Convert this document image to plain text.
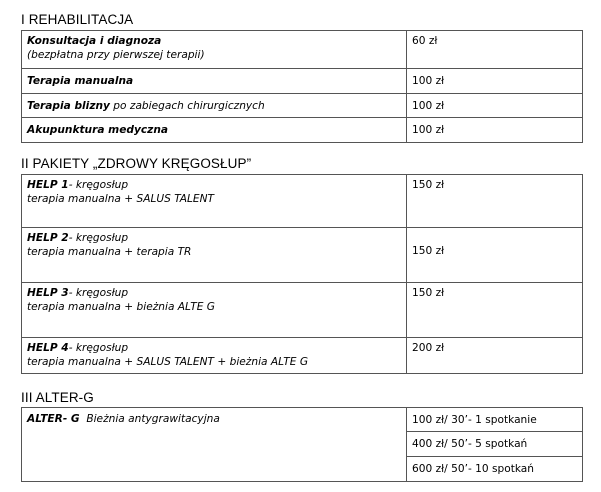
I REHABILITACJA
Konsultacja i diagnoza
(bezpłatna przy pierwszej terapii)	60 zł
Terapia manualna	100 zł
Terapia blizny po zabiegach chirurgicznych	100 zł
Akupunktura medyczna	100 zł
II PAKIETY „ZDROWY KRĘGOSŁUP”
HELP 1- kręgosłup
terapia manualna + SALUS TALENT	150 zł
HELP 2- kręgosłup
terapia manualna + terapia TR	150 zł
HELP 3- kręgosłup
terapia manualna + bieżnia ALTE G	150 zł
HELP 4- kręgosłup
terapia manualna + SALUS TALENT + bieżnia ALTE G	200 zł
III ALTER-G
ALTER- G  Bieżnia antygrawitacyjna	100 zł/ 30’- 1 spotkanie
400 zł/ 50’- 5 spotkań
600 zł/ 50’- 10 spotkań
